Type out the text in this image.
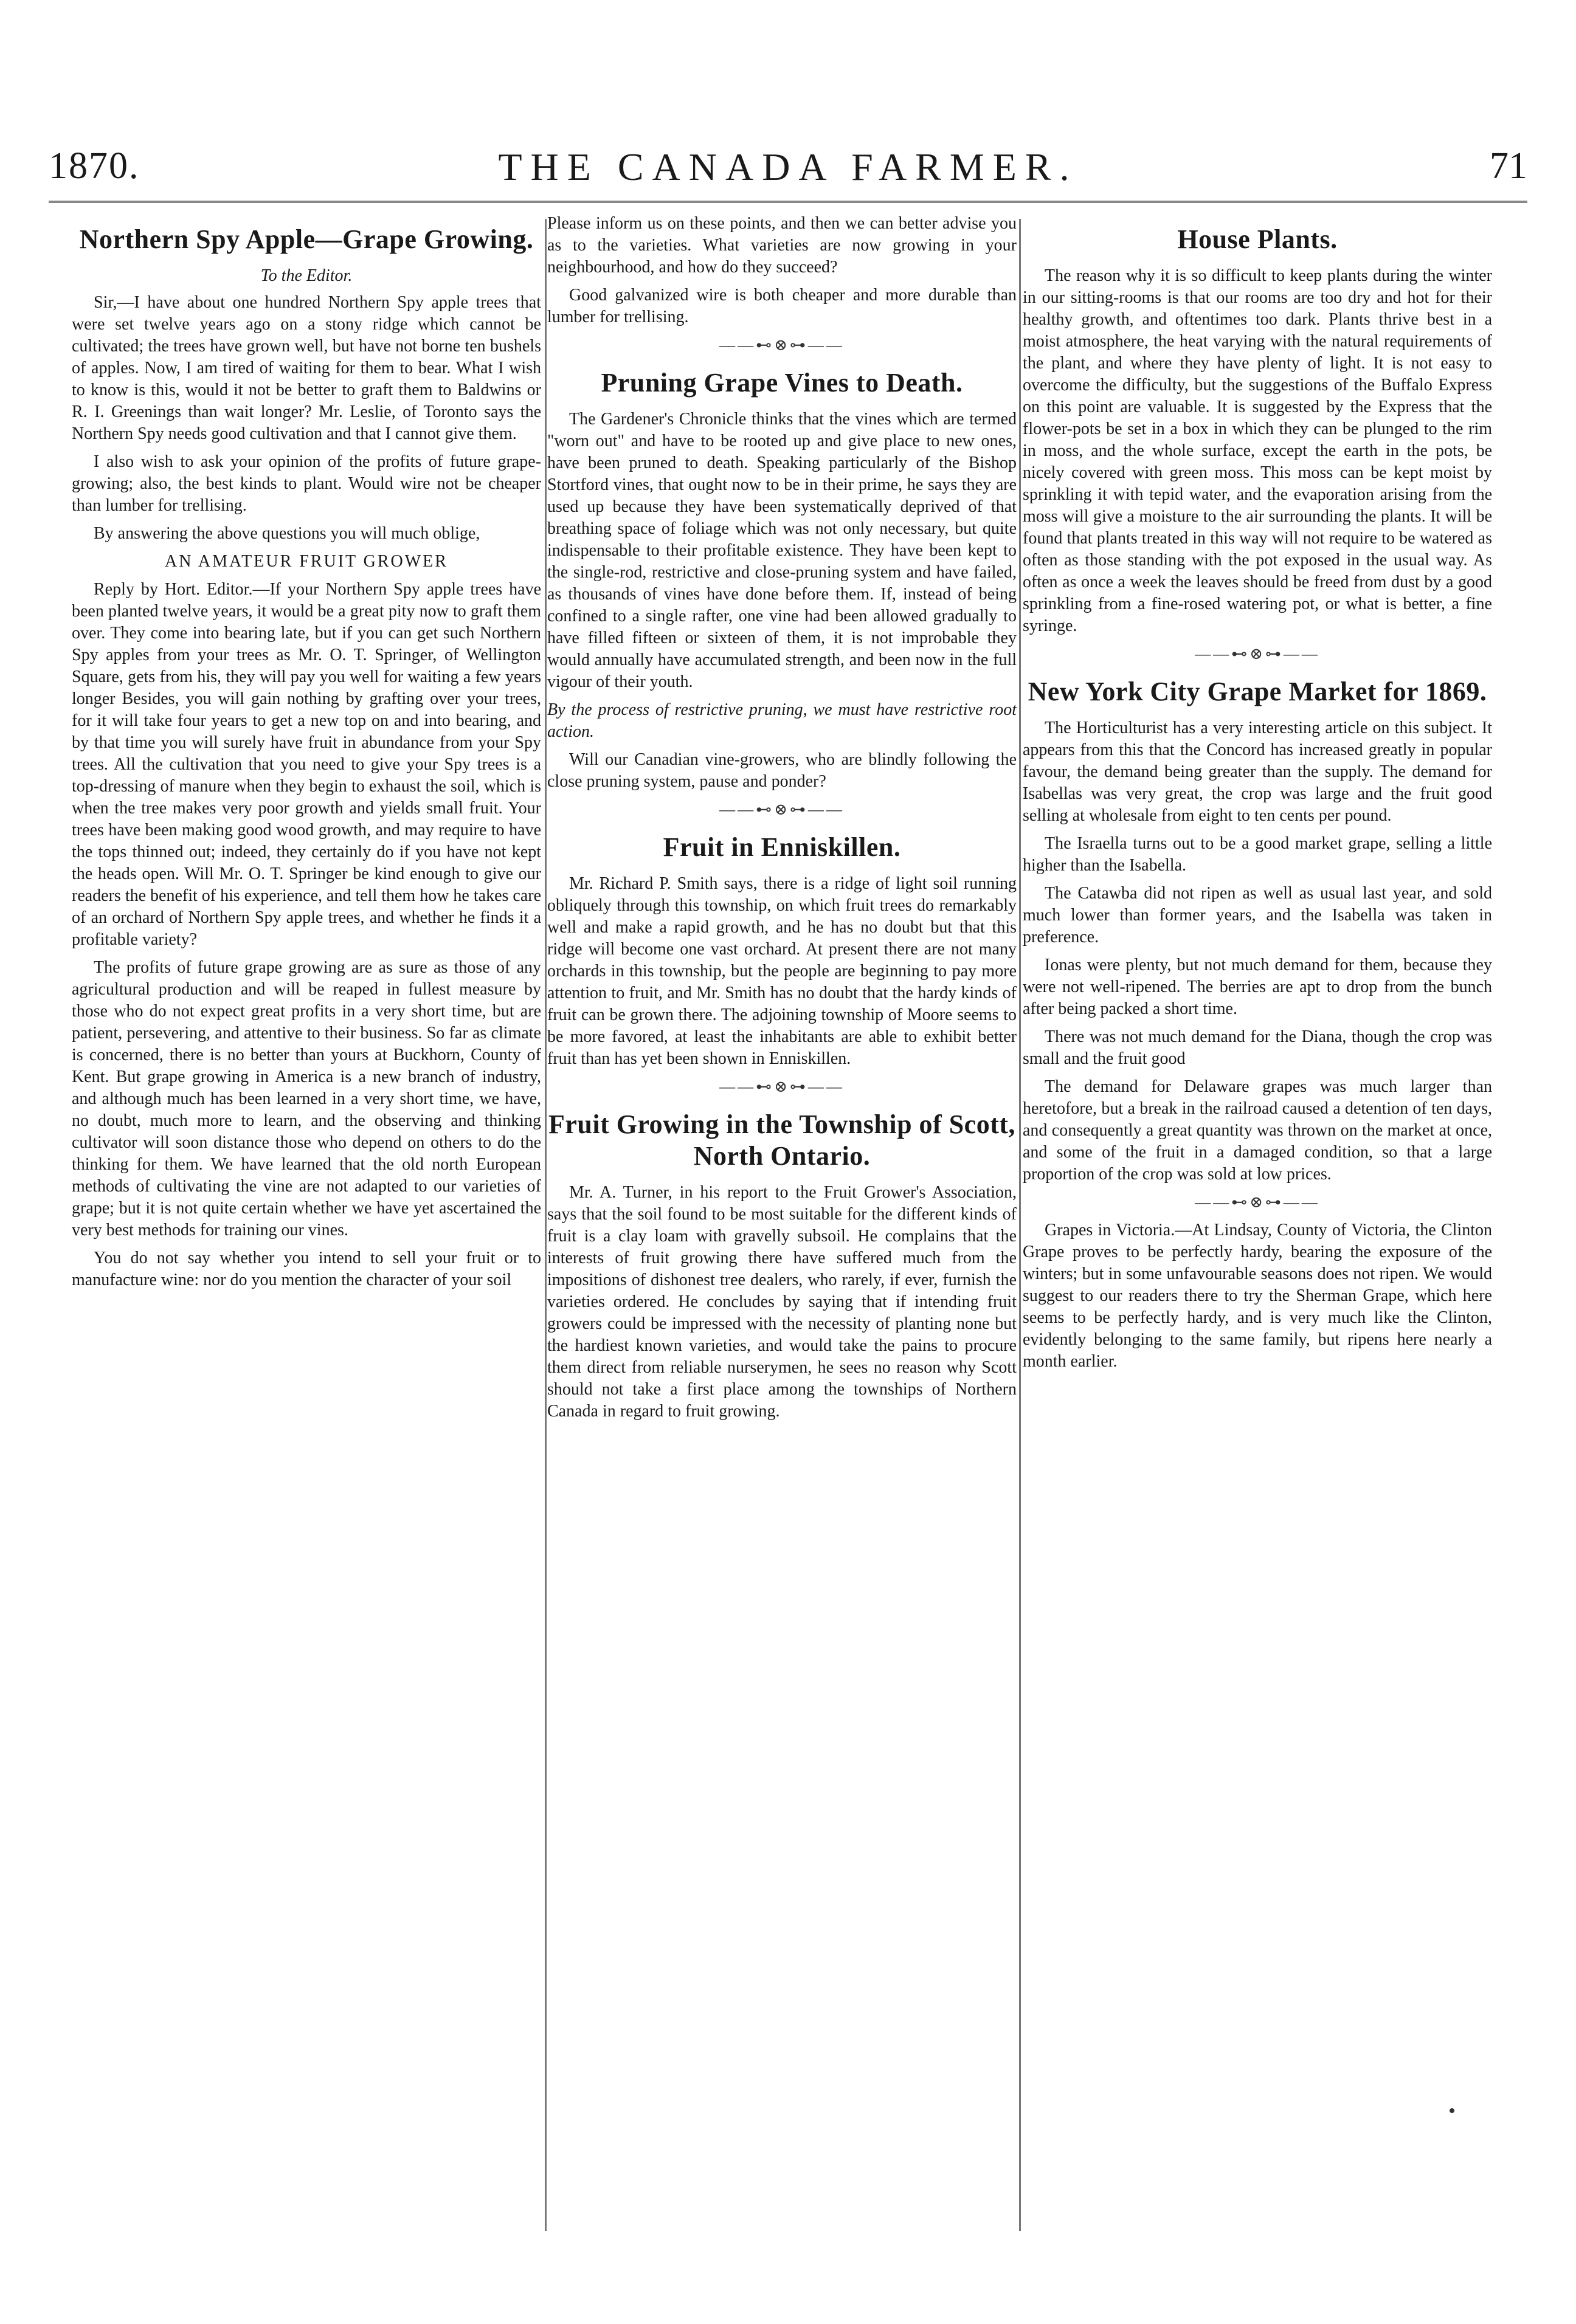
1870.	THE CANADA FARMER.	71
Northern Spy Apple—Grape Growing.

To the Editor.

Sir,—I have about one hundred Northern Spy apple trees that were set twelve years ago on a stony ridge which cannot be cultivated; the trees have grown well, but have not borne ten bushels of apples. Now, I am tired of waiting for them to bear. What I wish to know is this, would it not be better to graft them to Baldwins or R. I. Greenings than wait longer? Mr. Leslie, of Toronto says the Northern Spy needs good cultivation and that I cannot give them.

I also wish to ask your opinion of the profits of future grape-growing; also, the best kinds to plant. Would wire not be cheaper than lumber for trellising.

By answering the above questions you will much oblige,

AN AMATEUR FRUIT GROWER

Reply by Hort. Editor.—If your Northern Spy apple trees have been planted twelve years, it would be a great pity now to graft them over. They come into bearing late, but if you can get such Northern Spy apples from your trees as Mr. O. T. Springer, of Wellington Square, gets from his, they will pay you well for waiting a few years longer Besides, you will gain nothing by grafting over your trees, for it will take four years to get a new top on and into bearing, and by that time you will surely have fruit in abundance from your Spy trees. All the cultivation that you need to give your Spy trees is a top-dressing of manure when they begin to exhaust the soil, which is when the tree makes very poor growth and yields small fruit. Your trees have been making good wood growth, and may require to have the tops thinned out; indeed, they certainly do if you have not kept the heads open. Will Mr. O. T. Springer be kind enough to give our readers the benefit of his experience, and tell them how he takes care of an orchard of Northern Spy apple trees, and whether he finds it a profitable variety?

The profits of future grape growing are as sure as those of any agricultural production and will be reaped in fullest measure by those who do not expect great profits in a very short time, but are patient, persevering, and attentive to their business. So far as climate is concerned, there is no better than yours at Buckhorn, County of Kent. But grape growing in America is a new branch of industry, and although much has been learned in a very short time, we have, no doubt, much more to learn, and the observing and thinking cultivator will soon distance those who depend on others to do the thinking for them. We have learned that the old north European methods of cultivating the vine are not adapted to our varieties of grape; but it is not quite certain whether we have yet ascertained the very best methods for training our vines.

You do not say whether you intend to sell your fruit or to manufacture wine: nor do you mention the character of your soil

Please inform us on these points, and then we can better advise you as to the varieties. What varieties are now growing in your neighbourhood, and how do they succeed?

Good galvanized wire is both cheaper and more durable than lumber for trellising.

——⊷⊗⊶——

Pruning Grape Vines to Death.

The Gardener's Chronicle thinks that the vines which are termed "worn out" and have to be rooted up and give place to new ones, have been pruned to death. Speaking particularly of the Bishop Stortford vines, that ought now to be in their prime, he says they are used up because they have been systematically deprived of that breathing space of foliage which was not only necessary, but quite indispensable to their profitable existence. They have been kept to the single-rod, restrictive and close-pruning system and have failed, as thousands of vines have done before them. If, instead of being confined to a single rafter, one vine had been allowed gradually to have filled fifteen or sixteen of them, it is not improbable they would annually have accumulated strength, and been now in the full vigour of their youth.

By the process of restrictive pruning, we must have restrictive root action.

Will our Canadian vine-growers, who are blindly following the close pruning system, pause and ponder?

——⊷⊗⊶——

Fruit in Enniskillen.

Mr. Richard P. Smith says, there is a ridge of light soil running obliquely through this township, on which fruit trees do remarkably well and make a rapid growth, and he has no doubt but that this ridge will become one vast orchard. At present there are not many orchards in this township, but the people are beginning to pay more attention to fruit, and Mr. Smith has no doubt that the hardy kinds of fruit can be grown there. The adjoining township of Moore seems to be more favored, at least the inhabitants are able to exhibit better fruit than has yet been shown in Enniskillen.

——⊷⊗⊶——

Fruit Growing in the Township of Scott, North Ontario.

Mr. A. Turner, in his report to the Fruit Grower's Association, says that the soil found to be most suitable for the different kinds of fruit is a clay loam with gravelly subsoil. He complains that the interests of fruit growing there have suffered much from the impositions of dishonest tree dealers, who rarely, if ever, furnish the varieties ordered. He concludes by saying that if intending fruit growers could be impressed with the necessity of planting none but the hardiest known varieties, and would take the pains to procure them direct from reliable nurserymen, he sees no reason why Scott should not take a first place among the townships of Northern Canada in regard to fruit growing.

House Plants.

The reason why it is so difficult to keep plants during the winter in our sitting-rooms is that our rooms are too dry and hot for their healthy growth, and oftentimes too dark. Plants thrive best in a moist atmosphere, the heat varying with the natural requirements of the plant, and where they have plenty of light. It is not easy to overcome the difficulty, but the suggestions of the Buffalo Express on this point are valuable. It is suggested by the Express that the flower-pots be set in a box in which they can be plunged to the rim in moss, and the whole surface, except the earth in the pots, be nicely covered with green moss. This moss can be kept moist by sprinkling it with tepid water, and the evaporation arising from the moss will give a moisture to the air surrounding the plants. It will be found that plants treated in this way will not require to be watered as often as those standing with the pot exposed in the usual way. As often as once a week the leaves should be freed from dust by a good sprinkling from a fine-rosed watering pot, or what is better, a fine syringe.

——⊷⊗⊶——

New York City Grape Market for 1869.

The Horticulturist has a very interesting article on this subject. It appears from this that the Concord has increased greatly in popular favour, the demand being greater than the supply. The demand for Isabellas was very great, the crop was large and the fruit good selling at wholesale from eight to ten cents per pound.

The Israella turns out to be a good market grape, selling a little higher than the Isabella.

The Catawba did not ripen as well as usual last year, and sold much lower than former years, and the Isabella was taken in preference.

Ionas were plenty, but not much demand for them, because they were not well-ripened. The berries are apt to drop from the bunch after being packed a short time.

There was not much demand for the Diana, though the crop was small and the fruit good

The demand for Delaware grapes was much larger than heretofore, but a break in the railroad caused a detention of ten days, and consequently a great quantity was thrown on the market at once, and some of the fruit in a damaged condition, so that a large proportion of the crop was sold at low prices.

——⊷⊗⊶——

Grapes in Victoria.—At Lindsay, County of Victoria, the Clinton Grape proves to be perfectly hardy, bearing the exposure of the winters; but in some unfavourable seasons does not ripen. We would suggest to our readers there to try the Sherman Grape, which here seems to be perfectly hardy, and is very much like the Clinton, evidently belonging to the same family, but ripens here nearly a month earlier.
